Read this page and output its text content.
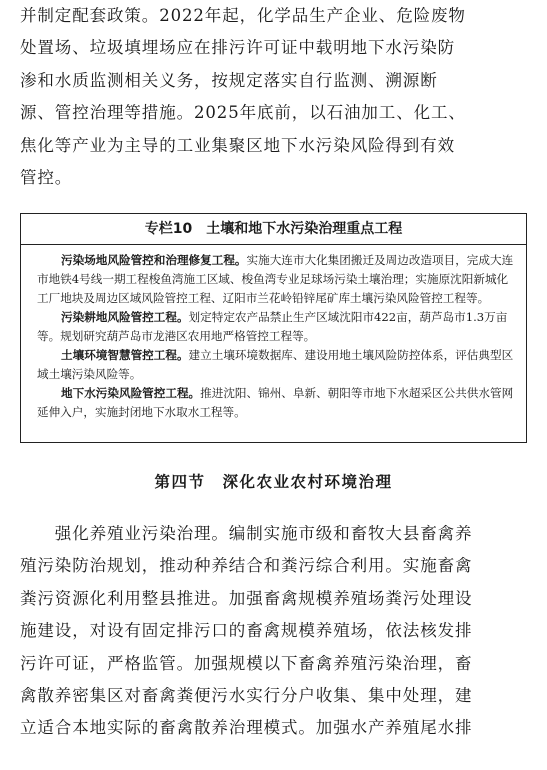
并制定配套政策。2022年起，化学品生产企业、危险废物
处置场、垃圾填埋场应在排污许可证中载明地下水污染防
渗和水质监测相关义务，按规定落实自行监测、溯源断
源、管控治理等措施。2025年底前，以石油加工、化工、
焦化等产业为主导的工业集聚区地下水污染风险得到有效
管控。
专栏10　土壤和地下水污染治理重点工程

污染场地风险管控和治理修复工程。实施大连市大化集团搬迁及周边改造项目，完成大连市地铁4号线一期工程梭鱼湾施工区域、梭鱼湾专业足球场污染土壤治理；实施原沈阳新城化工厂地块及周边区域风险管控工程、辽阳市兰花岭铅锌尾矿库土壤污染风险管控工程等。

污染耕地风险管控工程。划定特定农产品禁止生产区域沈阳市422亩，葫芦岛市1.3万亩等。规划研究葫芦岛市龙港区农用地严格管控工程等。

土壤环境智慧管控工程。建立土壤环境数据库、建设用地土壤风险防控体系，评估典型区域土壤污染风险等。

地下水污染风险管控工程。推进沈阳、锦州、阜新、朝阳等市地下水超采区公共供水管网延伸入户，实施封闭地下水取水工程等。

第四节　深化农业农村环境治理
　　强化养殖业污染治理。编制实施市级和畜牧大县畜禽养
殖污染防治规划，推动种养结合和粪污综合利用。实施畜禽
粪污资源化利用整县推进。加强畜禽规模养殖场粪污处理设
施建设，对设有固定排污口的畜禽规模养殖场，依法核发排
污许可证，严格监管。加强规模以下畜禽养殖污染治理，畜
禽散养密集区对畜禽粪便污水实行分户收集、集中处理，建
立适合本地实际的畜禽散养治理模式。加强水产养殖尾水排
